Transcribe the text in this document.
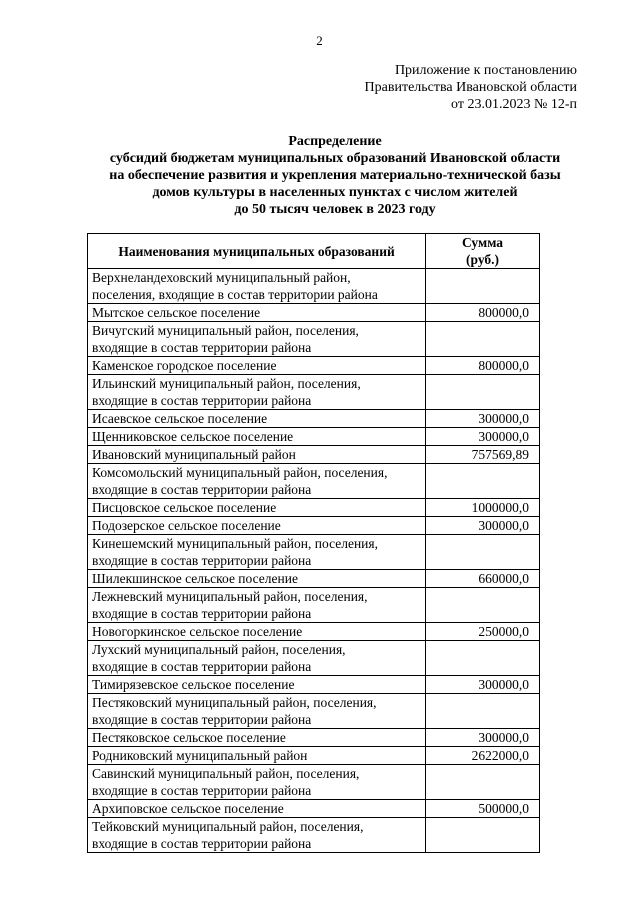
2
Приложение к постановлению
Правительства Ивановской области
от 23.01.2023 № 12-п
Распределение
субсидий бюджетам муниципальных образований Ивановской области
на обеспечение развития и укрепления материально-технической базы
домов культуры в населенных пунктах с числом жителей
до 50 тысяч человек в 2023 году
Наименования муниципальных образований	Сумма
(руб.)

Верхнеландеховский муниципальный район,
поселения, входящие в состав территории района	

Мытское сельское поселение	800000,0

Вичугский муниципальный район, поселения,
входящие в состав территории района	

Каменское городское поселение	800000,0

Ильинский муниципальный район, поселения,
входящие в состав территории района	

Исаевское сельское поселение	300000,0

Щенниковское сельское поселение	300000,0

Ивановский муниципальный район	757569,89

Комсомольский муниципальный район, поселения,
входящие в состав территории района	

Писцовское сельское поселение	1000000,0

Подозерское сельское поселение	300000,0

Кинешемский муниципальный район, поселения,
входящие в состав территории района	

Шилекшинское сельское поселение	660000,0

Лежневский муниципальный район, поселения,
входящие в состав территории района	

Новогоркинское сельское поселение	250000,0

Лухский муниципальный район, поселения,
входящие в состав территории района	

Тимирязевское сельское поселение	300000,0

Пестяковский муниципальный район, поселения,
входящие в состав территории района	

Пестяковское сельское поселение	300000,0

Родниковский муниципальный район	2622000,0

Савинский муниципальный район, поселения,
входящие в состав территории района	

Архиповское сельское поселение	500000,0

Тейковский муниципальный район, поселения,
входящие в состав территории района	
